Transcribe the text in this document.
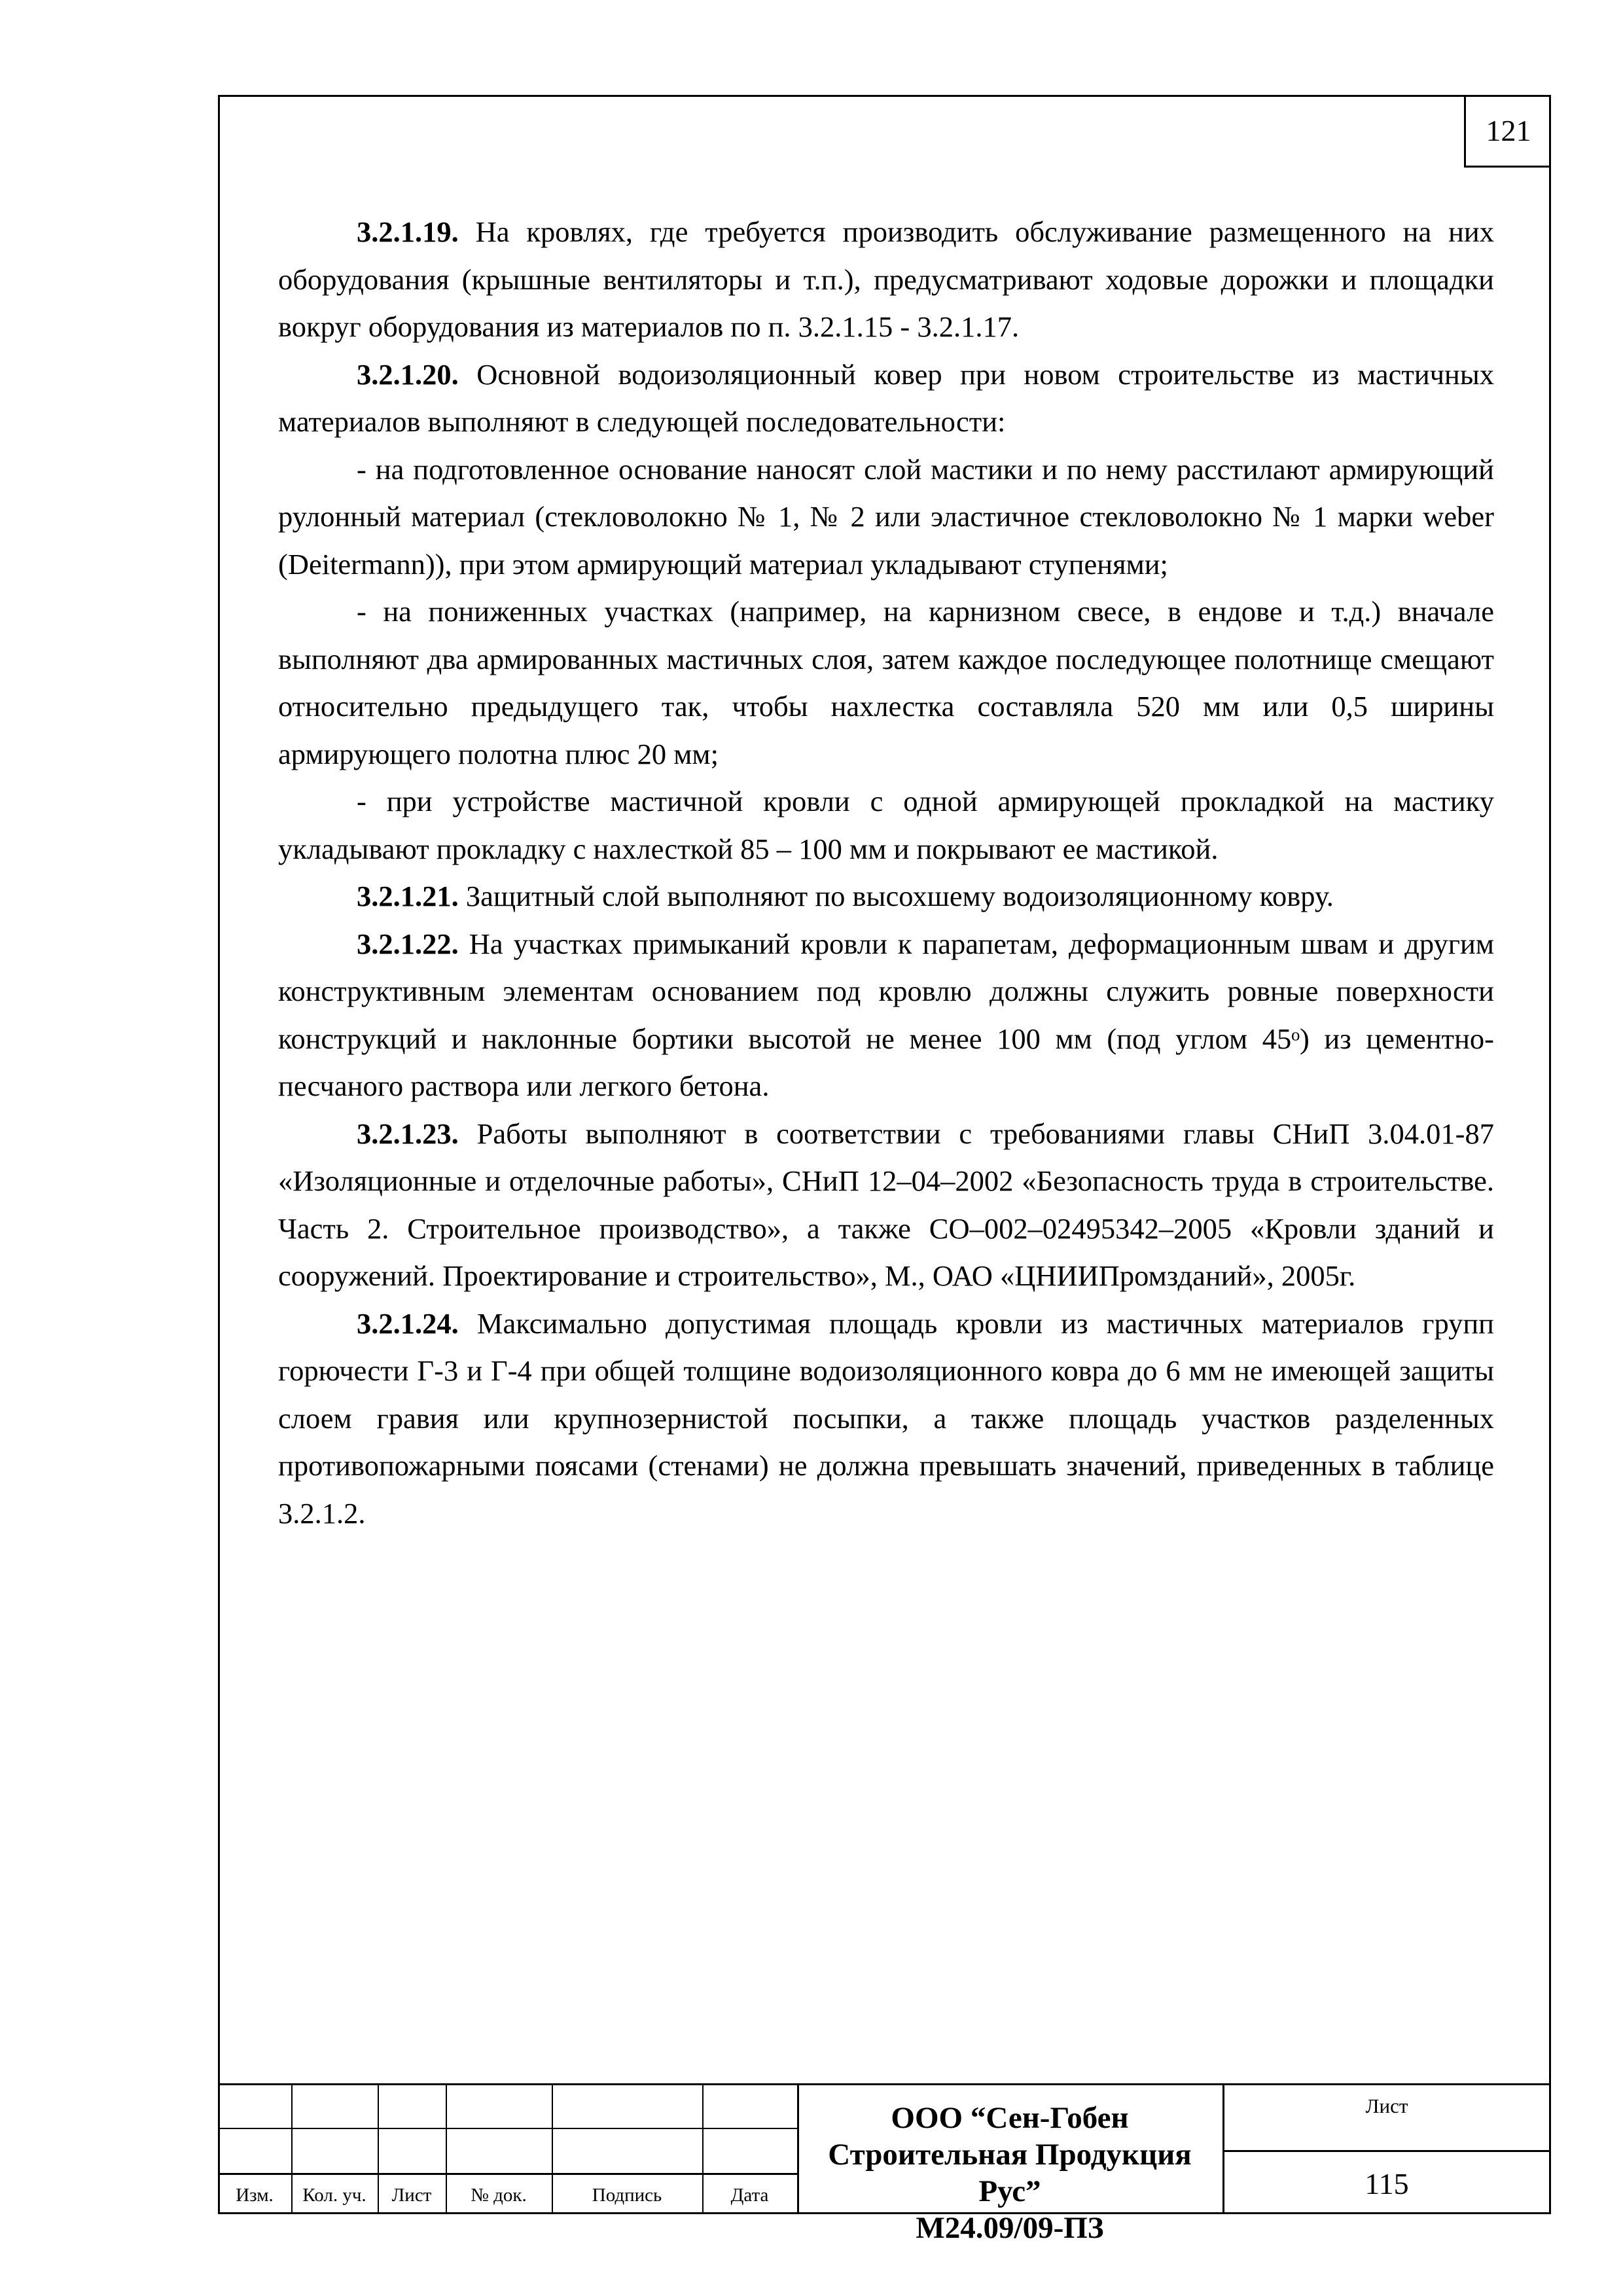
121

3.2.1.19. На кровлях, где требуется производить обслуживание размещенного на них оборудования (крышные вентиляторы и т.п.), предусматривают ходовые дорожки и площадки вокруг оборудования из материалов по п. 3.2.1.15 - 3.2.1.17.

3.2.1.20. Основной водоизоляционный ковер при новом строительстве из мастичных материалов выполняют в следующей последовательности:

- на подготовленное основание наносят слой мастики и по нему расстилают армирующий рулонный материал (стекловолокно № 1, № 2 или эластичное стекловолокно № 1 марки weber (Deitermann)), при этом армирующий материал укладывают ступенями;

- на пониженных участках (например, на карнизном свесе, в ендове и т.д.) вначале выполняют два армированных мастичных слоя, затем каждое последующее полотнище смещают относительно предыдущего так, чтобы нахлестка составляла 520 мм или 0,5 ширины армирующего полотна плюс 20 мм;

- при устройстве мастичной кровли с одной армирующей прокладкой на мастику укладывают прокладку с нахлесткой 85 – 100 мм и покрывают ее мастикой.

3.2.1.21. Защитный слой выполняют по высохшему водоизоляционному ковру.

3.2.1.22. На участках примыканий кровли к парапетам, деформационным швам и другим конструктивным элементам основанием под кровлю должны служить ровные поверхности конструкций и наклонные бортики высотой не менее 100 мм (под углом 45ᵒ) из цементно-песчаного раствора или легкого бетона.

3.2.1.23. Работы выполняют в соответствии с требованиями главы СНиП 3.04.01-87 «Изоляционные и отделочные работы», СНиП 12–04–2002 «Безопасность труда в строительстве. Часть 2. Строительное производство», а также СО–002–02495342–2005 «Кровли зданий и сооружений. Проектирование и строительство», М., ОАО «ЦНИИПромзданий», 2005г.

3.2.1.24. Максимально допустимая площадь кровли из мастичных материалов групп горючести Г-3 и Г-4 при общей толщине водоизоляционного ковра до 6 мм не имеющей защиты слоем гравия или крупнозернистой посыпки, а также площадь участков разделенных противопожарными поясами (стенами) не должна превышать значений, приведенных в таблице 3.2.1.2.

Изм.	Кол. уч.	Лист	№ док.	Подпись	Дата
ООО “Сен-Гобен
Строительная Продукция Рус”
М24.09/09-ПЗ
Лист
115
